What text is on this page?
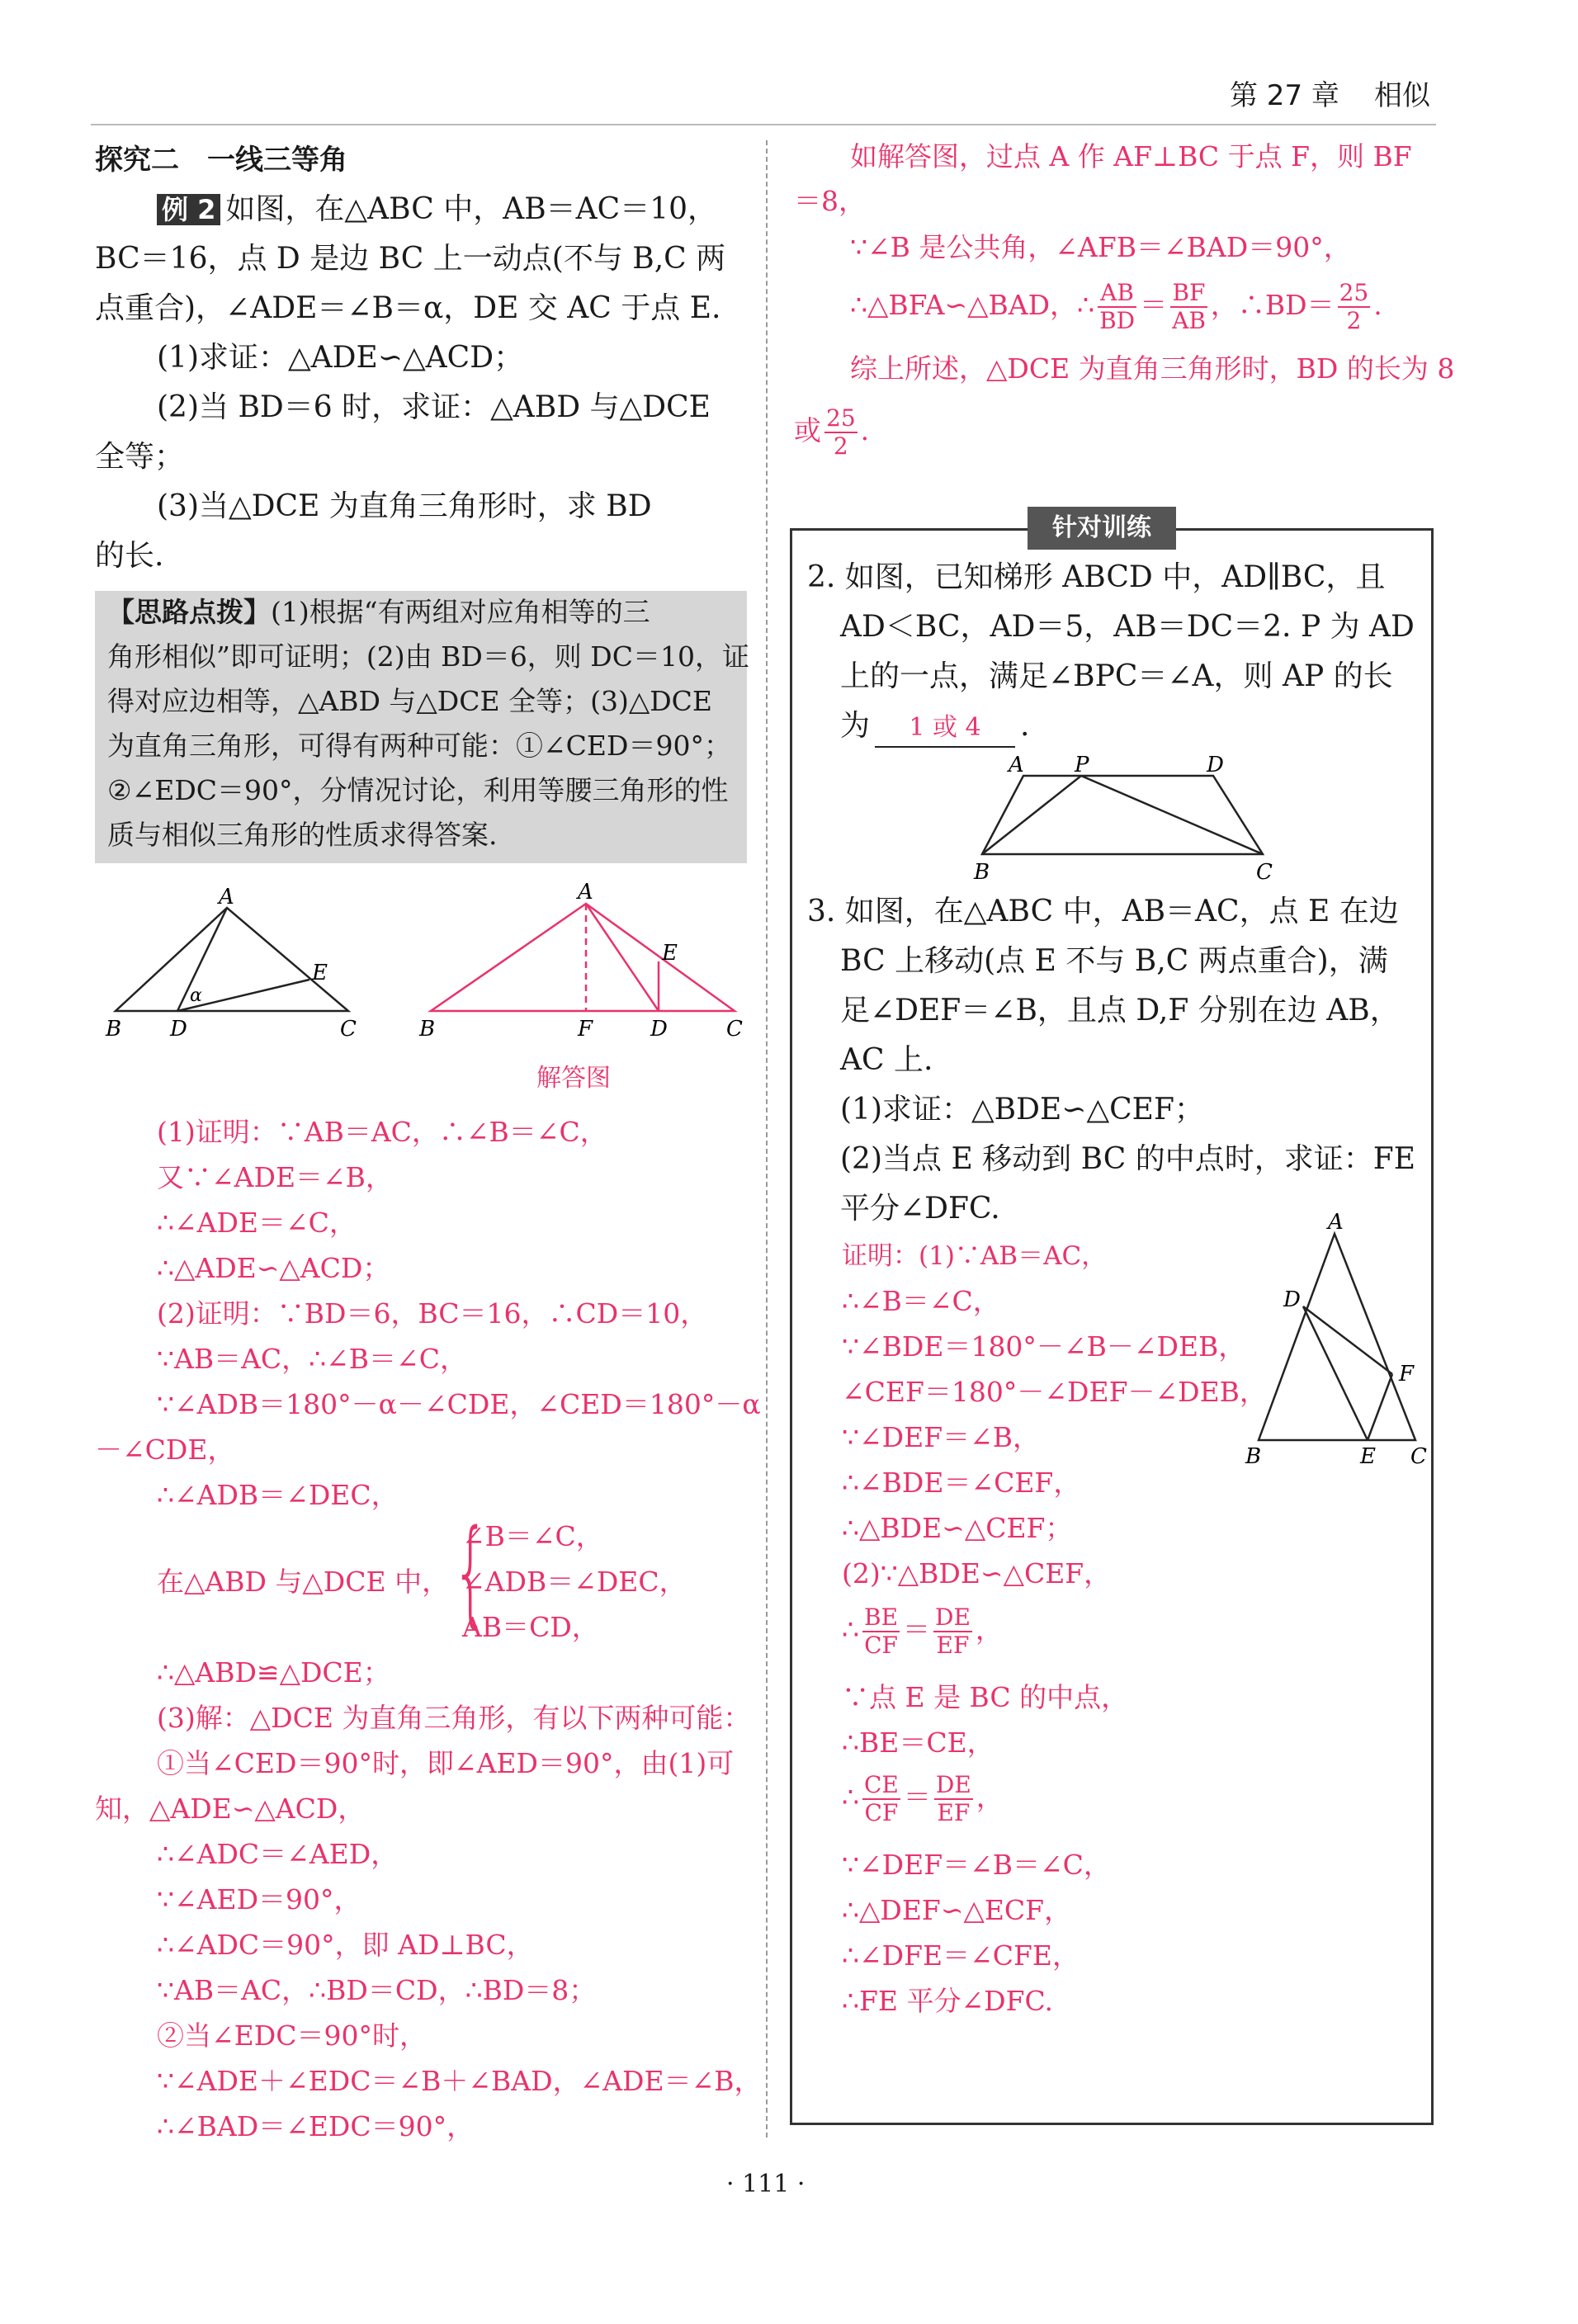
第 27 章 相似
探究二　一线三等角
例 2 如图，在△ABC 中，AB＝AC＝10，
BC＝16，点 D 是边 BC 上一动点(不与 B,C 两
点重合)，∠ADE＝∠B＝α，DE 交 AC 于点 E.
(1)求证：△ADE∽△ACD；
(2)当 BD＝6 时，求证：△ABD 与△DCE
全等；
(3)当△DCE 为直角三角形时，求 BD
的长.
【思路点拨】(1)根据“有两组对应角相等的三
角形相似”即可证明；(2)由 BD＝6，则 DC＝10，证
得对应边相等，△ABD 与△DCE 全等；(3)△DCE
为直角三角形，可得有两种可能：①∠CED＝90°；
②∠EDC＝90°，分情况讨论，利用等腰三角形的性
质与相似三角形的性质求得答案.
A
B D	C
E
α
A
B	F	D	C
E
解答图
(1)证明：∵AB＝AC，∴∠B＝∠C，
又∵∠ADE＝∠B，
∴∠ADE＝∠C，
∴△ADE∽△ACD；
(2)证明：∵BD＝6，BC＝16，∴CD＝10，
∵AB＝AC，∴∠B＝∠C，
∵∠ADB＝180°－α－∠CDE，∠CED＝180°－α
－∠CDE，
∴∠ADB＝∠DEC，
在△ABD 与△DCE 中， {
∠B＝∠C，
∠ADB＝∠DEC，
AB＝CD，
∴△ABD≌△DCE；
(3)解：△DCE 为直角三角形，有以下两种可能：
①当∠CED＝90°时，即∠AED＝90°，由(1)可
知，△ADE∽△ACD，
∴∠ADC＝∠AED，
∵∠AED＝90°，
∴∠ADC＝90°，即 AD⊥BC，
∵AB＝AC，∴BD＝CD，∴BD＝8；
②当∠EDC＝90°时，
∵∠ADE＋∠EDC＝∠B＋∠BAD，∠ADE＝∠B，
∴∠BAD＝∠EDC＝90°，
如解答图，过点 A 作 AF⊥BC 于点 F，则 BF
＝8，
∵∠B 是公共角，∠AFB＝∠BAD＝90°，
∴△BFA∽△BAD，∴ $\frac{AB}{BD} = \frac{BF}{AB}$ ，∴BD＝ $\frac{25}{2}$ .
综上所述，△DCE 为直角三角形时，BD 的长为 8
或 $\frac{25}{2}$ .
针对训练
2. 如图，已知梯形 ABCD 中，AD∥BC，且
AD＜BC，AD＝5，AB＝DC＝2. P 为 AD
上的一点，满足∠BPC＝∠A，则 AP 的长
为 1 或 4 .
A P	D
B	C
3. 如图，在△ABC 中，AB＝AC，点 E 在边
BC 上移动(点 E 不与 B,C 两点重合)，满
足∠DEF＝∠B，且点 D,F 分别在边 AB，
AC 上.
(1)求证：△BDE∽△CEF；
(2)当点 E 移动到 BC 的中点时，求证：FE
平分∠DFC.	A
D
F
B	E C
证明：(1)∵AB＝AC，
∴∠B＝∠C，
∵∠BDE＝180°－∠B－∠DEB，
∠CEF＝180°－∠DEF－∠DEB，
∵∠DEF＝∠B，
∴∠BDE＝∠CEF，
∴△BDE∽△CEF；
(2)∵△BDE∽△CEF，
∴ $\frac{BE}{CF} = \frac{DE}{EF}$ ，
∵点 E 是 BC 的中点，
∴BE＝CE，
∴ $\frac{CE}{CF} = \frac{DE}{EF}$ ，
∵∠DEF＝∠B＝∠C，
∴△DEF∽△ECF，
∴∠DFE＝∠CFE，
∴FE 平分∠DFC.
· 111 ·
